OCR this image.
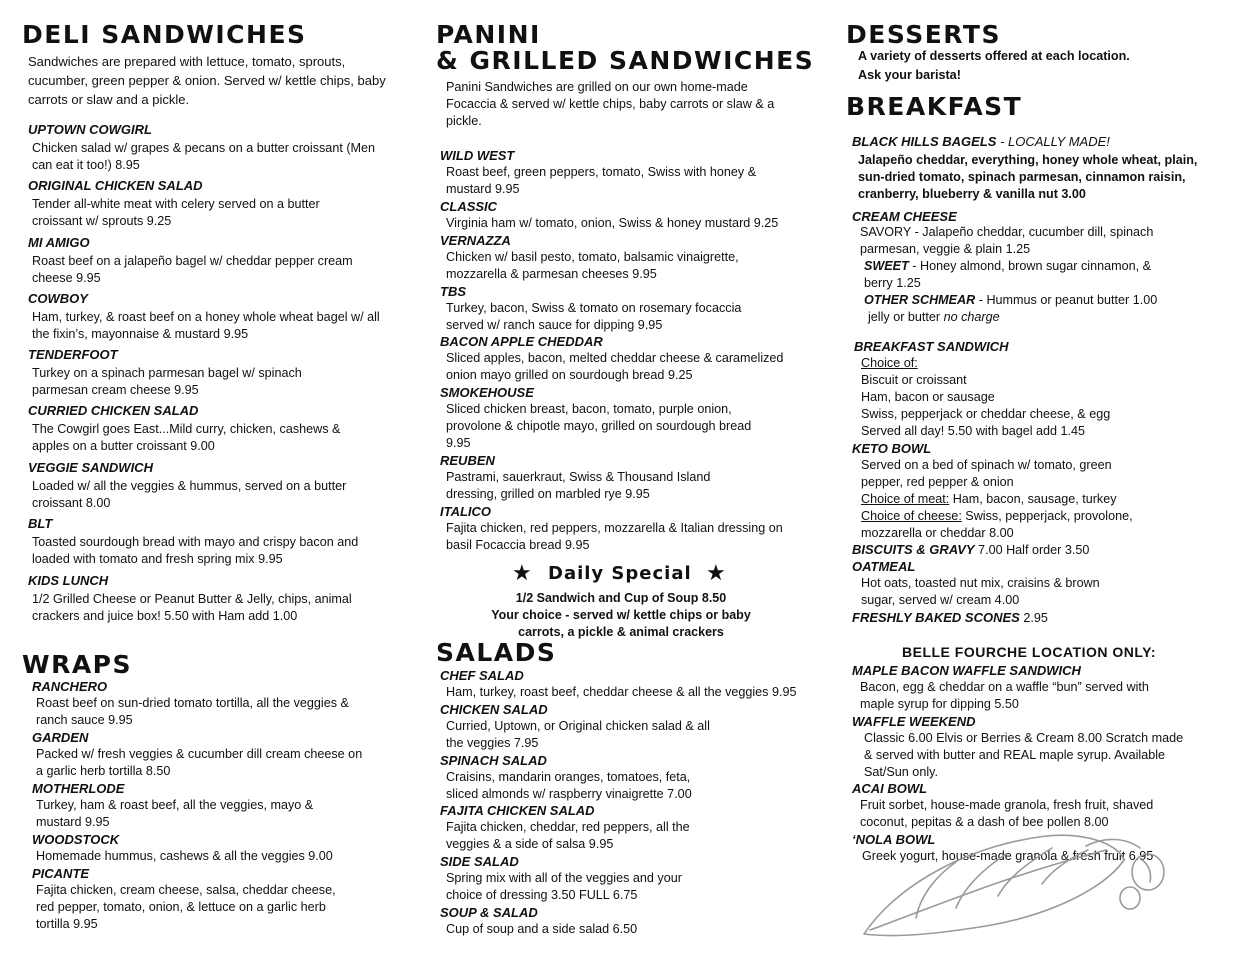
DELI SANDWICHES
Sandwiches are prepared with lettuce, tomato, sprouts, cucumber, green pepper & onion. Served w/ kettle chips, baby carrots or slaw and a pickle.
UPTOWN COWGIRL
Chicken salad w/ grapes & pecans on a butter croissant (Men can eat it too!) 8.95
ORIGINAL CHICKEN SALAD
Tender all-white meat with celery served on a butter croissant w/ sprouts 9.25
MI AMIGO
Roast beef on a jalapeño bagel w/ cheddar pepper cream cheese 9.95
COWBOY
Ham, turkey, & roast beef on a honey whole wheat bagel w/ all the fixin’s, mayonnaise & mustard 9.95
TENDERFOOT
Turkey on a spinach parmesan bagel w/ spinach parmesan cream cheese 9.95
CURRIED CHICKEN SALAD
The Cowgirl goes East...Mild curry, chicken, cashews & apples on a butter croissant 9.00
VEGGIE SANDWICH
Loaded w/ all the veggies & hummus, served on a butter croissant 8.00
BLT
Toasted sourdough bread with mayo and crispy bacon and loaded with tomato and fresh spring mix 9.95
KIDS LUNCH
1/2 Grilled Cheese or Peanut Butter & Jelly, chips, animal crackers and juice box! 5.50 with Ham add 1.00
WRAPS
RANCHERO
Roast beef on sun-dried tomato tortilla, all the veggies & ranch sauce 9.95
GARDEN
Packed w/ fresh veggies & cucumber dill cream cheese on a garlic herb tortilla 8.50
MOTHERLODE
Turkey, ham & roast beef, all the veggies, mayo & mustard 9.95
WOODSTOCK
Homemade hummus, cashews & all the veggies 9.00
PICANTE
Fajita chicken, cream cheese, salsa, cheddar cheese, red pepper, tomato, onion, & lettuce on a garlic herb tortilla 9.95
PANINI
& GRILLED SANDWICHES
Panini Sandwiches are grilled on our own home-made Focaccia & served w/ kettle chips, baby carrots or slaw & a pickle.
WILD WEST
Roast beef, green peppers, tomato, Swiss with honey & mustard 9.95
CLASSIC
Virginia ham w/ tomato, onion, Swiss & honey mustard 9.25
VERNAZZA
Chicken w/ basil pesto, tomato, balsamic vinaigrette, mozzarella & parmesan cheeses 9.95
TBS
Turkey, bacon, Swiss & tomato on rosemary focaccia served w/ ranch sauce for dipping 9.95
BACON APPLE CHEDDAR
Sliced apples, bacon, melted cheddar cheese & caramelized onion mayo grilled on sourdough bread 9.25
SMOKEHOUSE
Sliced chicken breast, bacon, tomato, purple onion, provolone & chipotle mayo, grilled on sourdough bread 9.95
REUBEN
Pastrami, sauerkraut, Swiss & Thousand Island dressing, grilled on marbled rye 9.95
ITALICO
Fajita chicken, red peppers, mozzarella & Italian dressing on basil Focaccia bread 9.95
★ Daily Special ★
1/2 Sandwich and Cup of Soup 8.50
Your choice - served w/ kettle chips or baby carrots, a pickle & animal crackers
SALADS
CHEF SALAD
Ham, turkey, roast beef, cheddar cheese & all the veggies 9.95
CHICKEN SALAD
Curried, Uptown, or Original chicken salad & all the veggies 7.95
SPINACH SALAD
Craisins, mandarin oranges, tomatoes, feta, sliced almonds w/ raspberry vinaigrette 7.00
FAJITA CHICKEN SALAD
Fajita chicken, cheddar, red peppers, all the veggies & a side of salsa 9.95
SIDE SALAD
Spring mix with all of the veggies and your choice of dressing 3.50 FULL 6.75
SOUP & SALAD
Cup of soup and a side salad 6.50
DESSERTS
A variety of desserts offered at each location.
Ask your barista!
BREAKFAST
BLACK HILLS BAGELS - LOCALLY MADE!
Jalapeño cheddar, everything, honey whole wheat, plain, sun-dried tomato, spinach parmesan, cinnamon raisin, cranberry, blueberry & vanilla nut 3.00
CREAM CHEESE
SAVORY - Jalapeño cheddar, cucumber dill, spinach parmesan, veggie & plain 1.25
SWEET - Honey almond, brown sugar cinnamon, & berry 1.25
OTHER SCHMEAR - Hummus or peanut butter 1.00
jelly or butter no charge
BREAKFAST SANDWICH
Choice of:
Biscuit or croissant
Ham, bacon or sausage
Swiss, pepperjack or cheddar cheese, & egg
Served all day! 5.50 with bagel add 1.45
KETO BOWL
Served on a bed of spinach w/ tomato, green pepper, red pepper & onion
Choice of meat: Ham, bacon, sausage, turkey
Choice of cheese: Swiss, pepperjack, provolone, mozzarella or cheddar 8.00
BISCUITS & GRAVY 7.00 Half order 3.50
OATMEAL
Hot oats, toasted nut mix, craisins & brown sugar, served w/ cream 4.00
FRESHLY BAKED SCONES 2.95
BELLE FOURCHE LOCATION ONLY:
MAPLE BACON WAFFLE SANDWICH
Bacon, egg & cheddar on a waffle “bun” served with maple syrup for dipping 5.50
WAFFLE WEEKEND
Classic 6.00 Elvis or Berries & Cream 8.00 Scratch made & served with butter and REAL maple syrup. Available Sat/Sun only.
ACAI BOWL
Fruit sorbet, house-made granola, fresh fruit, shaved coconut, pepitas & a dash of bee pollen 8.00
‘NOLA BOWL
Greek yogurt, house-made granola & fresh fruit 6.95
